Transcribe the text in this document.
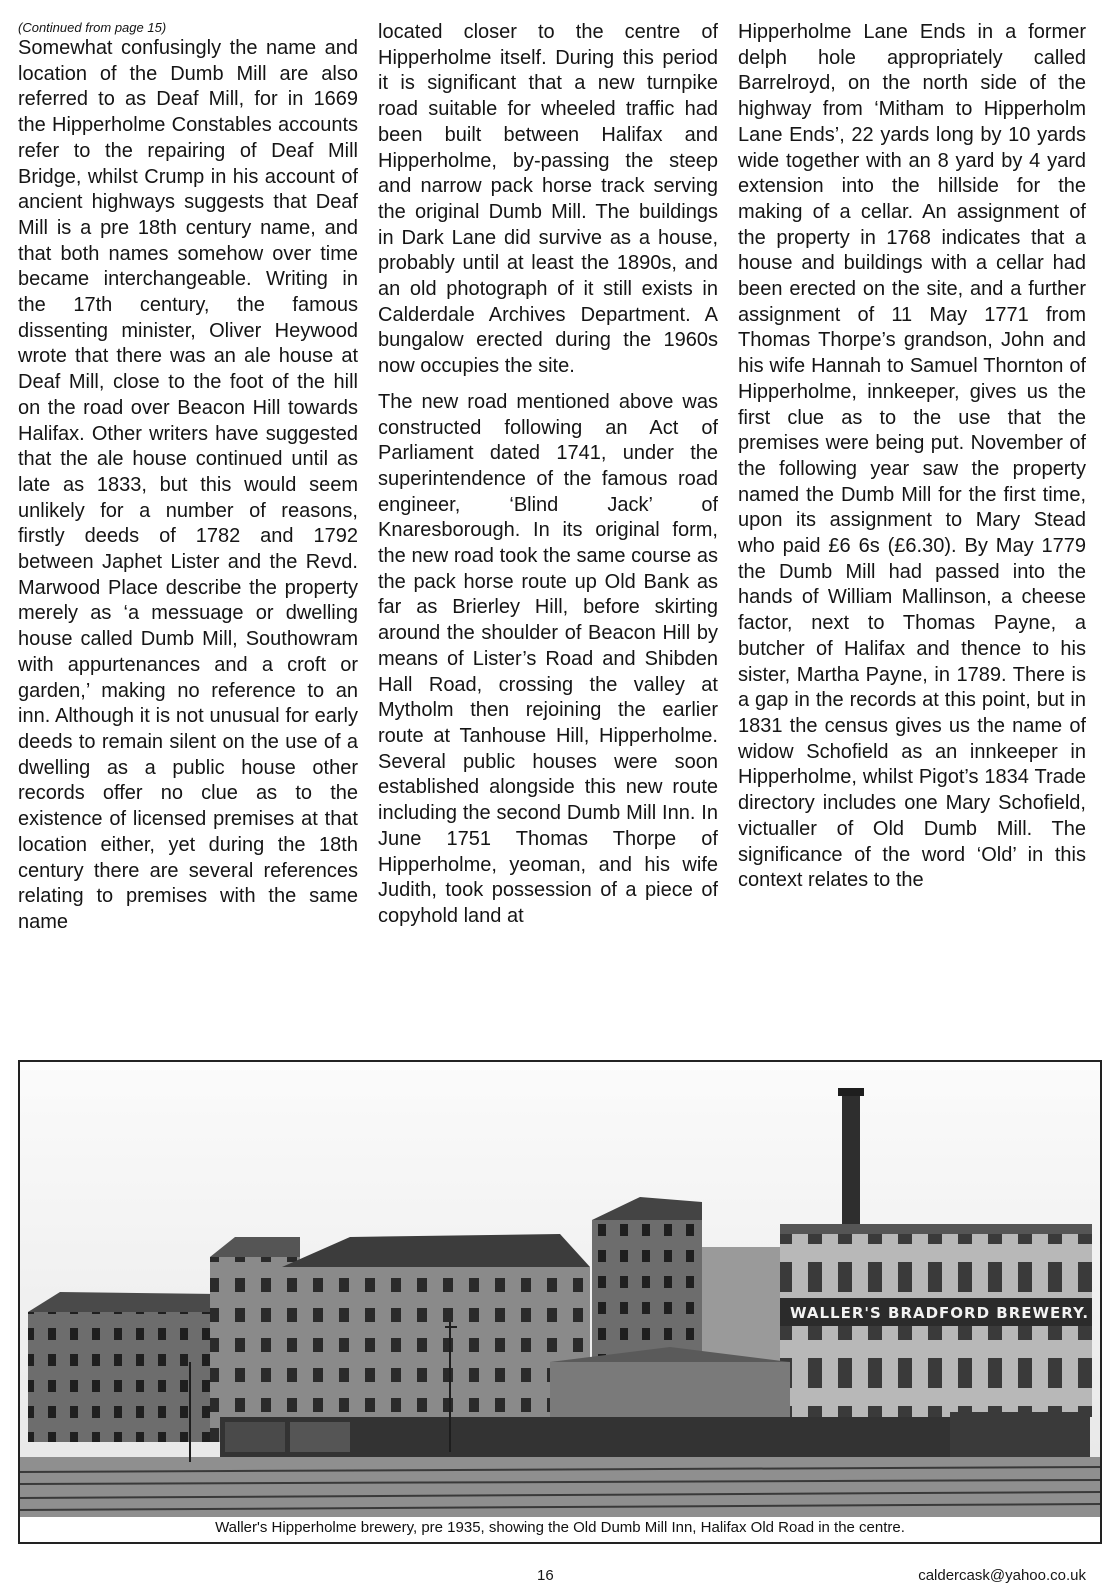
(Continued from page 15)

Somewhat confusingly the name and location of the Dumb Mill are also referred to as Deaf Mill, for in 1669 the Hipperholme Constables accounts refer to the repairing of Deaf Mill Bridge, whilst Crump in his account of ancient highways suggests that Deaf Mill is a pre 18th century name, and that both names somehow over time became interchangeable. Writing in the 17th century, the famous dissenting minister, Oliver Heywood wrote that there was an ale house at Deaf Mill, close to the foot of the hill on the road over Beacon Hill towards Halifax. Other writers have suggested that the ale house continued until as late as 1833, but this would seem unlikely for a number of reasons, firstly deeds of 1782 and 1792 between Japhet Lister and the Revd. Marwood Place describe the property merely as ‘a messuage or dwelling house called Dumb Mill, Southowram with appurtenances and a croft or garden,’ making no reference to an inn. Although it is not unusual for early deeds to remain silent on the use of a dwelling as a public house other records offer no clue as to the existence of licensed premises at that location either, yet during the 18th century there are several references relating to premises with the same name

located closer to the centre of Hipperholme itself. During this period it is significant that a new turnpike road suitable for wheeled traffic had been built between Halifax and Hipperholme, by-passing the steep and narrow pack horse track serving the original Dumb Mill. The buildings in Dark Lane did survive as a house, probably until at least the 1890s, and an old photograph of it still exists in Calderdale Archives Department. A bungalow erected during the 1960s now occupies the site.

The new road mentioned above was constructed following an Act of Parliament dated 1741, under the superintendence of the famous road engineer, ‘Blind Jack’ of Knaresborough. In its original form, the new road took the same course as the pack horse route up Old Bank as far as Brierley Hill, before skirting around the shoulder of Beacon Hill by means of Lister’s Road and Shibden Hall Road, crossing the valley at Mytholm then rejoining the earlier route at Tanhouse Hill, Hipperholme. Several public houses were soon established alongside this new route including the second Dumb Mill Inn. In June 1751 Thomas Thorpe of Hipperholme, yeoman, and his wife Judith, took possession of a piece of copyhold land at

Hipperholme Lane Ends in a former delph hole appropriately called Barrelroyd, on the north side of the highway from ‘Mitham to Hipperholm Lane Ends’, 22 yards long by 10 yards wide together with an 8 yard by 4 yard extension into the hillside for the making of a cellar. An assignment of the property in 1768 indicates that a house and buildings with a cellar had been erected on the site, and a further assignment of 11 May 1771 from Thomas Thorpe’s grandson, John and his wife Hannah to Samuel Thornton of Hipperholme, innkeeper, gives us the first clue as to the use that the premises were being put. November of the following year saw the property named the Dumb Mill for the first time, upon its assignment to Mary Stead who paid £6 6s (£6.30). By May 1779 the Dumb Mill had passed into the hands of William Mallinson, a cheese factor, next to Thomas Payne, a butcher of Halifax and thence to his sister, Martha Payne, in 1789. There is a gap in the records at this point, but in 1831 the census gives us the name of widow Schofield as an innkeeper in Hipperholme, whilst Pigot’s 1834 Trade directory includes one Mary Schofield, victualler of Old Dumb Mill. The significance of the word ‘Old’ in this context relates to the

WALLER'S BRADFORD BREWERY.
Waller's Hipperholme brewery, pre 1935, showing the Old Dumb Mill Inn, Halifax Old Road in the centre.
16	caldercask@yahoo.co.uk
